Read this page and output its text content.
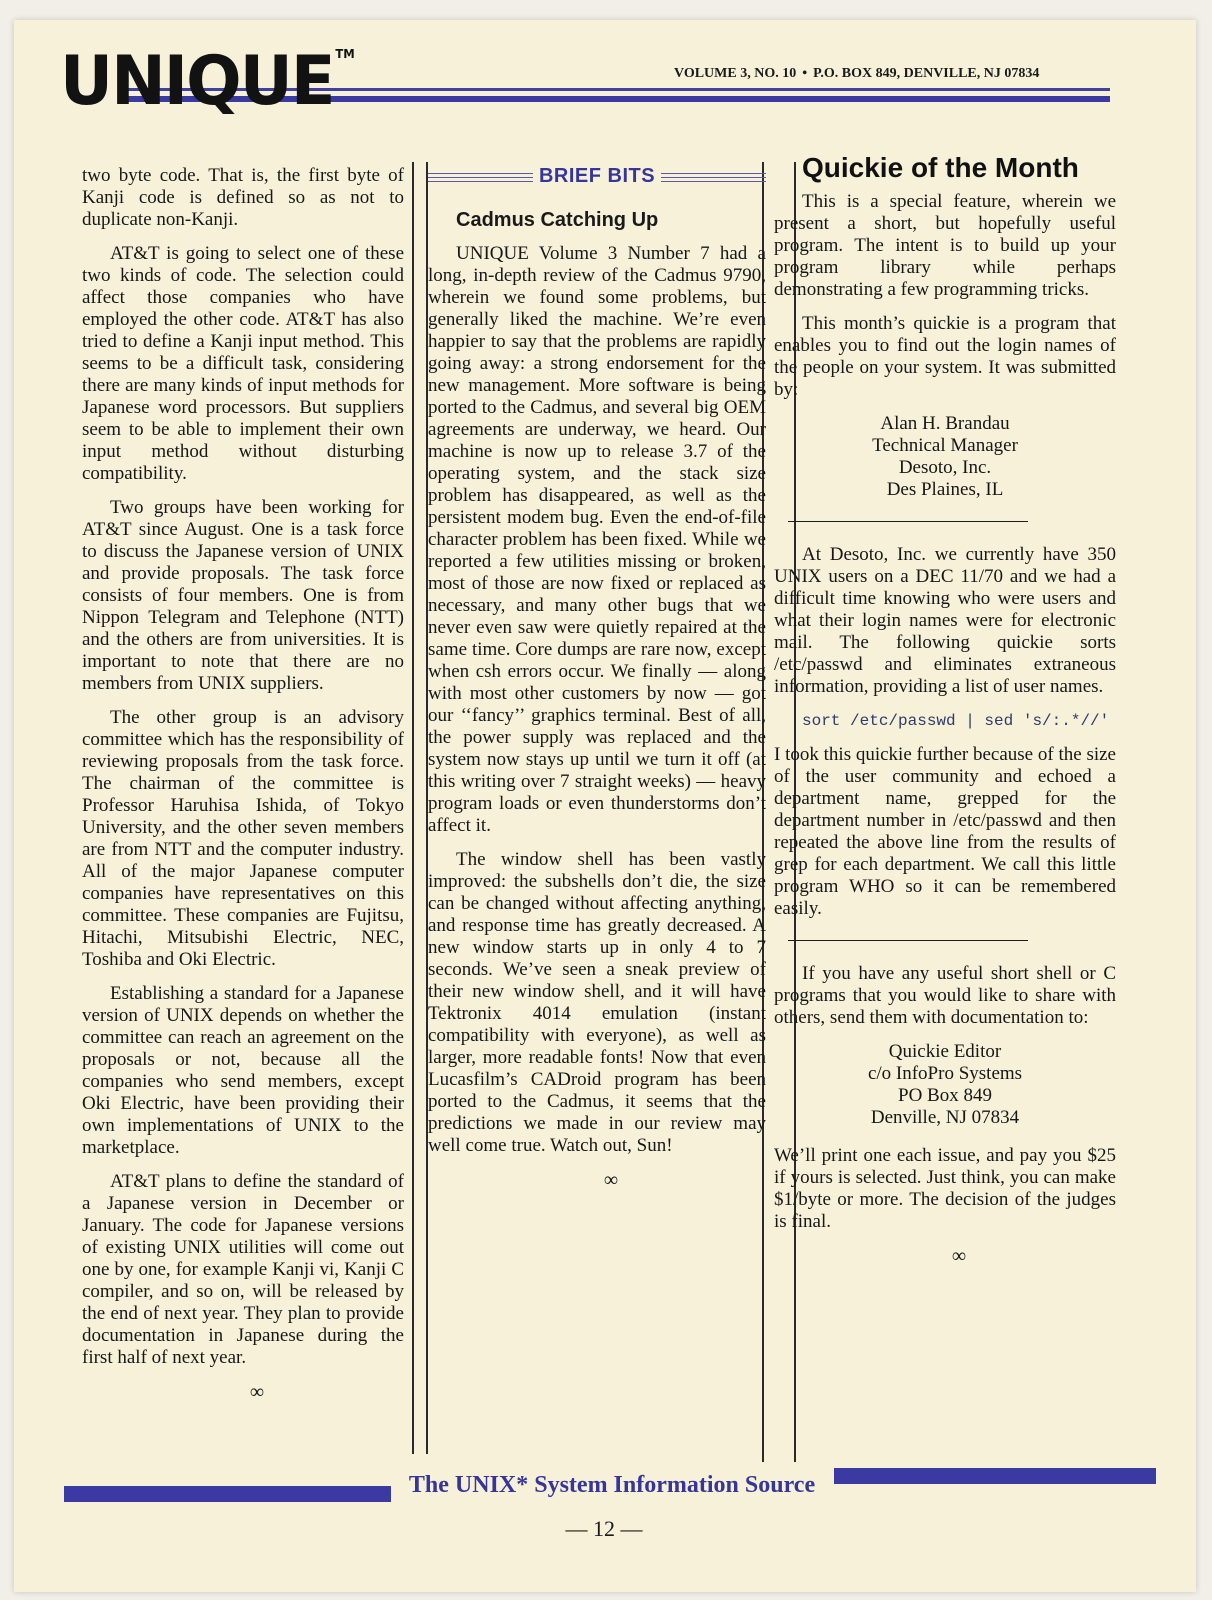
UNIQUE ™
VOLUME 3, NO. 10 • P.O. BOX 849, DENVILLE, NJ 07834

two byte code. That is, the first byte of Kanji code is defined so as not to duplicate non-Kanji.

AT&T is going to select one of these two kinds of code. The selection could affect those companies who have employed the other code. AT&T has also tried to define a Kanji input method. This seems to be a difficult task, considering there are many kinds of input methods for Japanese word processors. But suppliers seem to be able to implement their own input method without disturbing compatibility.

Two groups have been working for AT&T since August. One is a task force to discuss the Japanese version of UNIX and provide proposals. The task force consists of four members. One is from Nippon Telegram and Telephone (NTT) and the others are from universities. It is important to note that there are no members from UNIX suppliers.

The other group is an advisory committee which has the responsibility of reviewing proposals from the task force. The chairman of the committee is Professor Haruhisa Ishida, of Tokyo University, and the other seven members are from NTT and the computer industry. All of the major Japanese computer companies have representatives on this committee. These companies are Fujitsu, Hitachi, Mitsubishi Electric, NEC, Toshiba and Oki Electric.

Establishing a standard for a Japanese version of UNIX depends on whether the committee can reach an agreement on the proposals or not, because all the companies who send members, except Oki Electric, have been providing their own implementations of UNIX to the marketplace.

AT&T plans to define the standard of a Japanese version in December or January. The code for Japanese versions of existing UNIX utilities will come out one by one, for example Kanji vi, Kanji C compiler, and so on, will be released by the end of next year. They plan to provide documentation in Japanese during the first half of next year.

∞

BRIEF BITS

Cadmus Catching Up

UNIQUE Volume 3 Number 7 had a long, in-depth review of the Cadmus 9790, wherein we found some problems, but generally liked the machine. We’re even happier to say that the problems are rapidly going away: a strong endorsement for the new management. More software is being ported to the Cadmus, and several big OEM agreements are underway, we heard. Our machine is now up to release 3.7 of the operating system, and the stack size problem has disappeared, as well as the persistent modem bug. Even the end-of-file character problem has been fixed. While we reported a few utilities missing or broken, most of those are now fixed or replaced as necessary, and many other bugs that we never even saw were quietly repaired at the same time. Core dumps are rare now, except when csh errors occur. We finally — along with most other customers by now — got our ‘‘fancy’’ graphics terminal. Best of all, the power supply was replaced and the system now stays up until we turn it off (at this writing over 7 straight weeks) — heavy program loads or even thunderstorms don’t affect it.

The window shell has been vastly improved: the subshells don’t die, the size can be changed without affecting anything, and response time has greatly decreased. A new window starts up in only 4 to 7 seconds. We’ve seen a sneak preview of their new window shell, and it will have Tektronix 4014 emulation (instant compatibility with everyone), as well as larger, more readable fonts! Now that even Lucasfilm’s CADroid program has been ported to the Cadmus, it seems that the predictions we made in our review may well come true. Watch out, Sun!

∞

Quickie of the Month

This is a special feature, wherein we present a short, but hopefully useful program. The intent is to build up your program library while perhaps demonstrating a few programming tricks.

This month’s quickie is a program that enables you to find out the login names of the people on your system. It was submitted by:

Alan H. Brandau
Technical Manager
Desoto, Inc.
Des Plaines, IL

At Desoto, Inc. we currently have 350 UNIX users on a DEC 11/70 and we had a difficult time knowing who were users and what their login names were for electronic mail. The following quickie sorts /etc/passwd and eliminates extraneous information, providing a list of user names.

sort /etc/passwd | sed 's/:.*//'

I took this quickie further because of the size of the user community and echoed a department name, grepped for the department number in /etc/passwd and then repeated the above line from the results of grep for each department. We call this little program WHO so it can be remembered easily.

If you have any useful short shell or C programs that you would like to share with others, send them with documentation to:

Quickie Editor
c/o InfoPro Systems
PO Box 849
Denville, NJ 07834

We’ll print one each issue, and pay you $25 if yours is selected. Just think, you can make $1/byte or more. The decision of the judges is final.

∞

The UNIX* System Information Source
— 12 —
